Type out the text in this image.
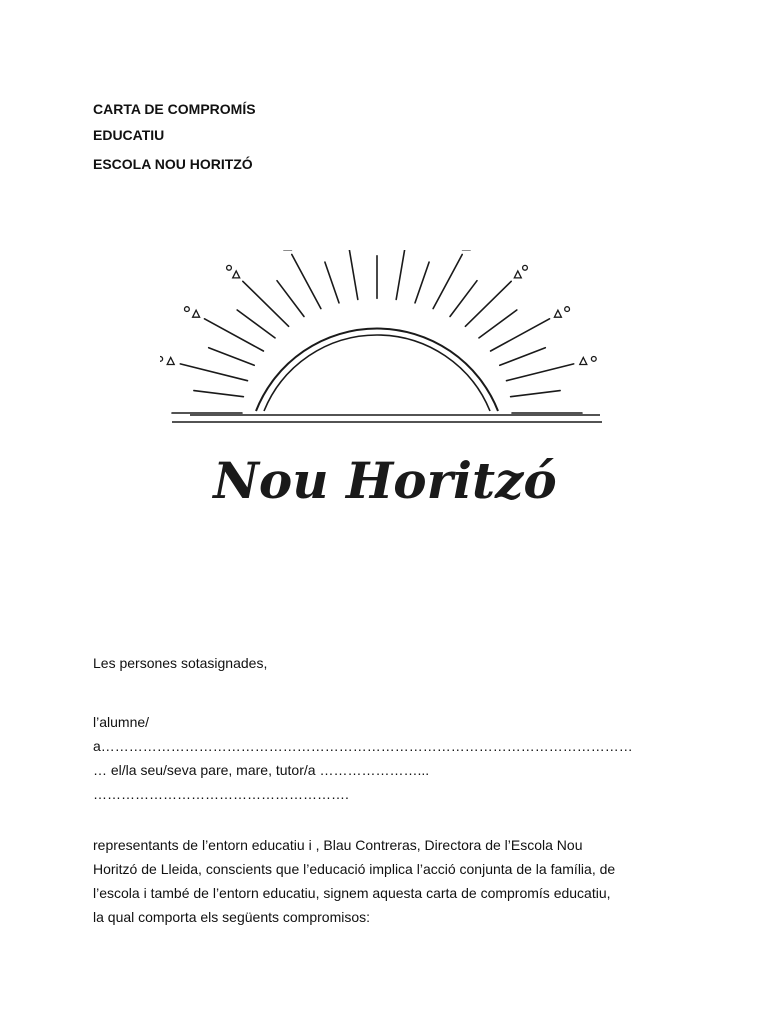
CARTA DE COMPROMÍS
EDUCATIU
ESCOLA NOU HORITZÓ
Nou Horitzó
Les persones sotasignades,
l’alumne/
a……………………………………………………………………………………………………
… el/la seu/seva pare, mare, tutor/a …………………...
……………………………………………….
representants de l’entorn educatiu i , Blau Contreras, Directora de l’Escola Nou
Horitzó de Lleida, conscients que l’educació implica l’acció conjunta de la família, de
l’escola i també de l’entorn educatiu, signem aquesta carta de compromís educatiu,
la qual comporta els següents compromisos:
